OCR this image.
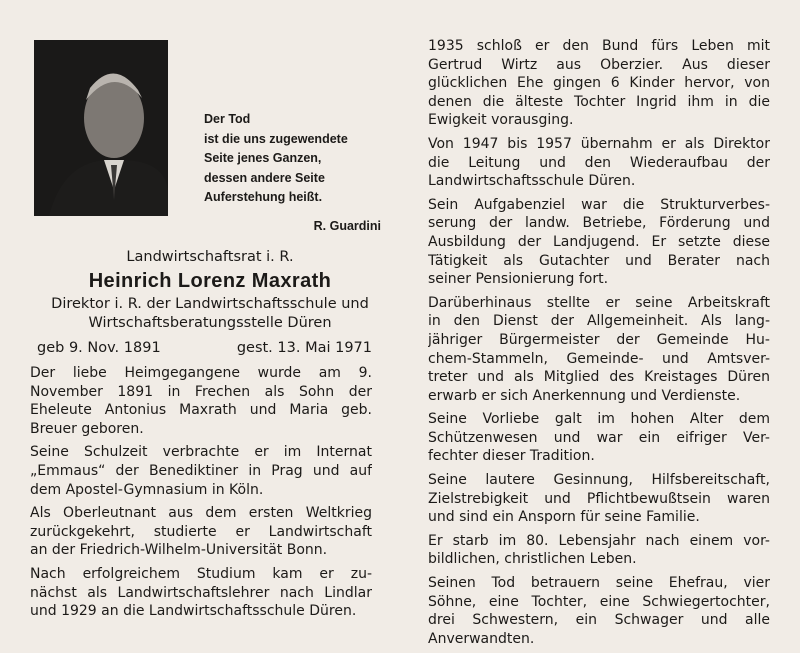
Der Tod
ist die uns zugewendete
Seite jenes Ganzen,
dessen andere Seite
Auferstehung heißt.
R. Guardini
Landwirtschaftsrat i. R.
Heinrich Lorenz Maxrath
Direktor i. R. der Landwirtschaftsschule und
Wirtschaftsberatungsstelle Düren
geb 9. Nov. 1891	gest. 13. Mai 1971

Der liebe Heimgegangene wurde am 9.
November 1891 in Frechen als Sohn der
Eheleute Antonius Maxrath und Maria geb.
Breuer geboren.

Seine Schulzeit verbrachte er im Internat
„Emmaus“ der Benediktiner in Prag und auf
dem Apostel-Gymnasium in Köln.

Als Oberleutnant aus dem ersten Weltkrieg
zurückgekehrt, studierte er Landwirtschaft
an der Friedrich-Wilhelm-Universität Bonn.

Nach erfolgreichem Studium kam er zu-
nächst als Landwirtschaftslehrer nach Lindlar
und 1929 an die Landwirtschaftsschule Düren.

1935 schloß er den Bund fürs Leben mit
Gertrud Wirtz aus Oberzier. Aus dieser
glücklichen Ehe gingen 6 Kinder hervor, von
denen die älteste Tochter Ingrid ihm in die
Ewigkeit vorausging.

Von 1947 bis 1957 übernahm er als Direktor
die Leitung und den Wiederaufbau der
Landwirtschaftsschule Düren.

Sein Aufgabenziel war die Strukturverbes-
serung der landw. Betriebe, Förderung und
Ausbildung der Landjugend. Er setzte diese
Tätigkeit als Gutachter und Berater nach
seiner Pensionierung fort.

Darüberhinaus stellte er seine Arbeitskraft
in den Dienst der Allgemeinheit. Als lang-
jähriger Bürgermeister der Gemeinde Hu-
chem-Stammeln, Gemeinde- und Amtsver-
treter und als Mitglied des Kreistages Düren
erwarb er sich Anerkennung und Verdienste.

Seine Vorliebe galt im hohen Alter dem
Schützenwesen und war ein eifriger Ver-
fechter dieser Tradition.

Seine lautere Gesinnung, Hilfsbereitschaft,
Zielstrebigkeit und Pflichtbewußtsein waren
und sind ein Ansporn für seine Familie.

Er starb im 80. Lebensjahr nach einem vor-
bildlichen, christlichen Leben.

Seinen Tod betrauern seine Ehefrau, vier
Söhne, eine Tochter, eine Schwiegertochter,
drei Schwestern, ein Schwager und alle
Anverwandten.
